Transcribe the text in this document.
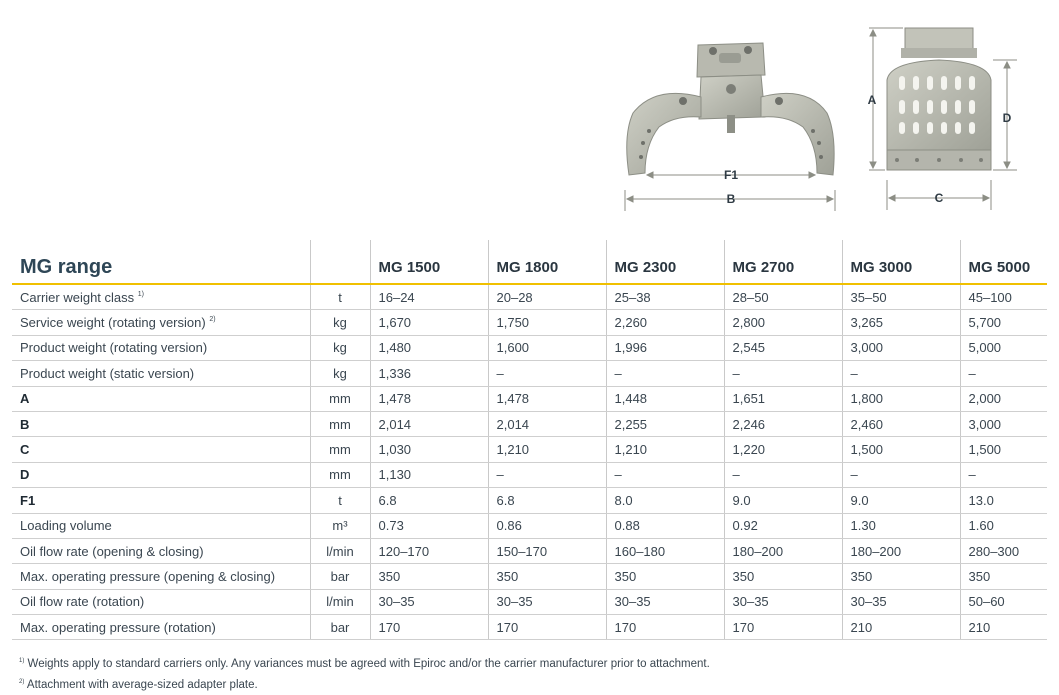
F1
B
A
D
C
MG range		MG 1500	MG 1800	MG 2300	MG 2700	MG 3000	MG 5000
Carrier weight class $^{1)}$	t	16–24	20–28	25–38	28–50	35–50	45–100
Service weight (rotating version) $^{2)}$	kg	1,670	1,750	2,260	2,800	3,265	5,700
Product weight (rotating version)	kg	1,480	1,600	1,996	2,545	3,000	5,000
Product weight (static version)	kg	1,336	–	–	–	–	–
A	mm	1,478	1,478	1,448	1,651	1,800	2,000
B	mm	2,014	2,014	2,255	2,246	2,460	3,000
C	mm	1,030	1,210	1,210	1,220	1,500	1,500
D	mm	1,130	–	–	–	–	–
F1	t	6.8	6.8	8.0	9.0	9.0	13.0
Loading volume	m³	0.73	0.86	0.88	0.92	1.30	1.60
Oil flow rate (opening & closing)	l/min	120–170	150–170	160–180	180–200	180–200	280–300
Max. operating pressure (opening & closing)	bar	350	350	350	350	350	350
Oil flow rate (rotation)	l/min	30–35	30–35	30–35	30–35	30–35	50–60
Max. operating pressure (rotation)	bar	170	170	170	170	210	210
$^{1)}$ Weights apply to standard carriers only. Any variances must be agreed with Epiroc and/or the carrier manufacturer prior to attachment.
$^{2)}$ Attachment with average-sized adapter plate.
